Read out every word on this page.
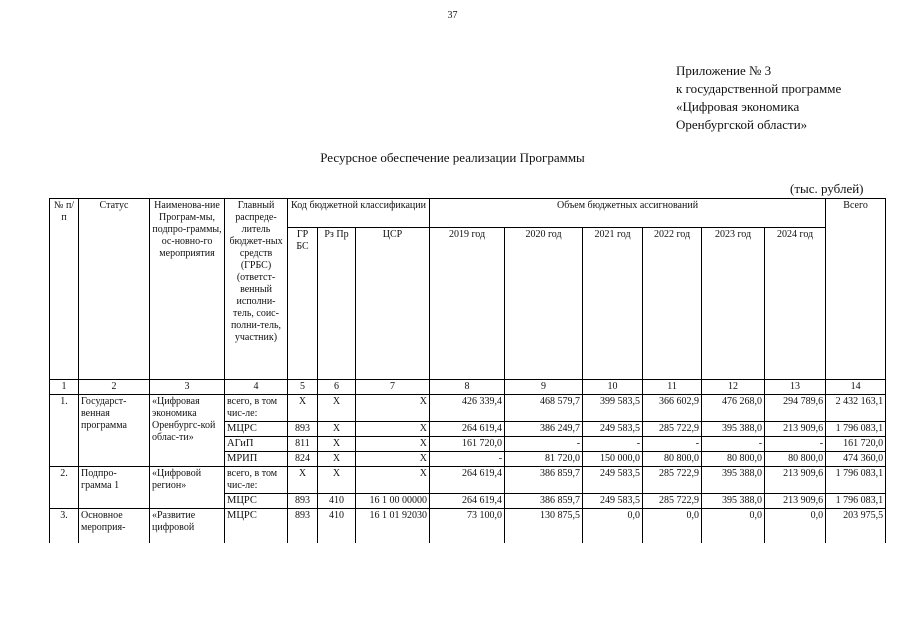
37
Приложение № 3
к государственной программе
«Цифровая экономика
Оренбургской области»
Ресурсное обеспечение реализации Программы
(тыс. рублей)
№ п/п	Статус	Наименова-ние Програм-мы, подпро-граммы, ос-новно-го мероприятия	Главный распреде-литель бюджет-ных средств (ГРБС) (ответст-венный исполни-тель, соис-полни-тель, участник)	Код бюджетной классификации			Объем бюджетных ассигнований						Всего
				ГР БС	Рз Пр	ЦСР	2019 год	2020 год	2021 год	2022 год	2023 год	2024 год	

1	2	3	4	5	6	7	8	9	10	11	12	13	14
1.	Государст-венная программа	«Цифровая экономика Оренбургс-кой облас-ти»	всего, в том чис-ле:	Х	Х	Х	426 339,4	468 579,7	399 583,5	366 602,9	476 268,0	294 789,6	2 432 163,1
			МЦРС	893	Х	Х	264 619,4	386 249,7	249 583,5	285 722,9	395 388,0	213 909,6	1 796 083,1
			АГиП	811	Х	Х	161 720,0	-	-	-	-	-	161 720,0
			МРИП	824	Х	Х	-	81 720,0	150 000,0	80 800,0	80 800,0	80 800,0	474 360,0
2.	Подпро-грамма 1	«Цифровой регион»	всего, в том чис-ле:	Х	Х	Х	264 619,4	386 859,7	249 583,5	285 722,9	395 388,0	213 909,6	1 796 083,1
			МЦРС	893	410	16 1 00 00000	264 619,4	386 859,7	249 583,5	285 722,9	395 388,0	213 909,6	1 796 083,1
3.	Основное мероприя-	«Развитие цифровой	МЦРС	893	410	16 1 01 92030	73 100,0	130 875,5	0,0	0,0	0,0	0,0	203 975,5
